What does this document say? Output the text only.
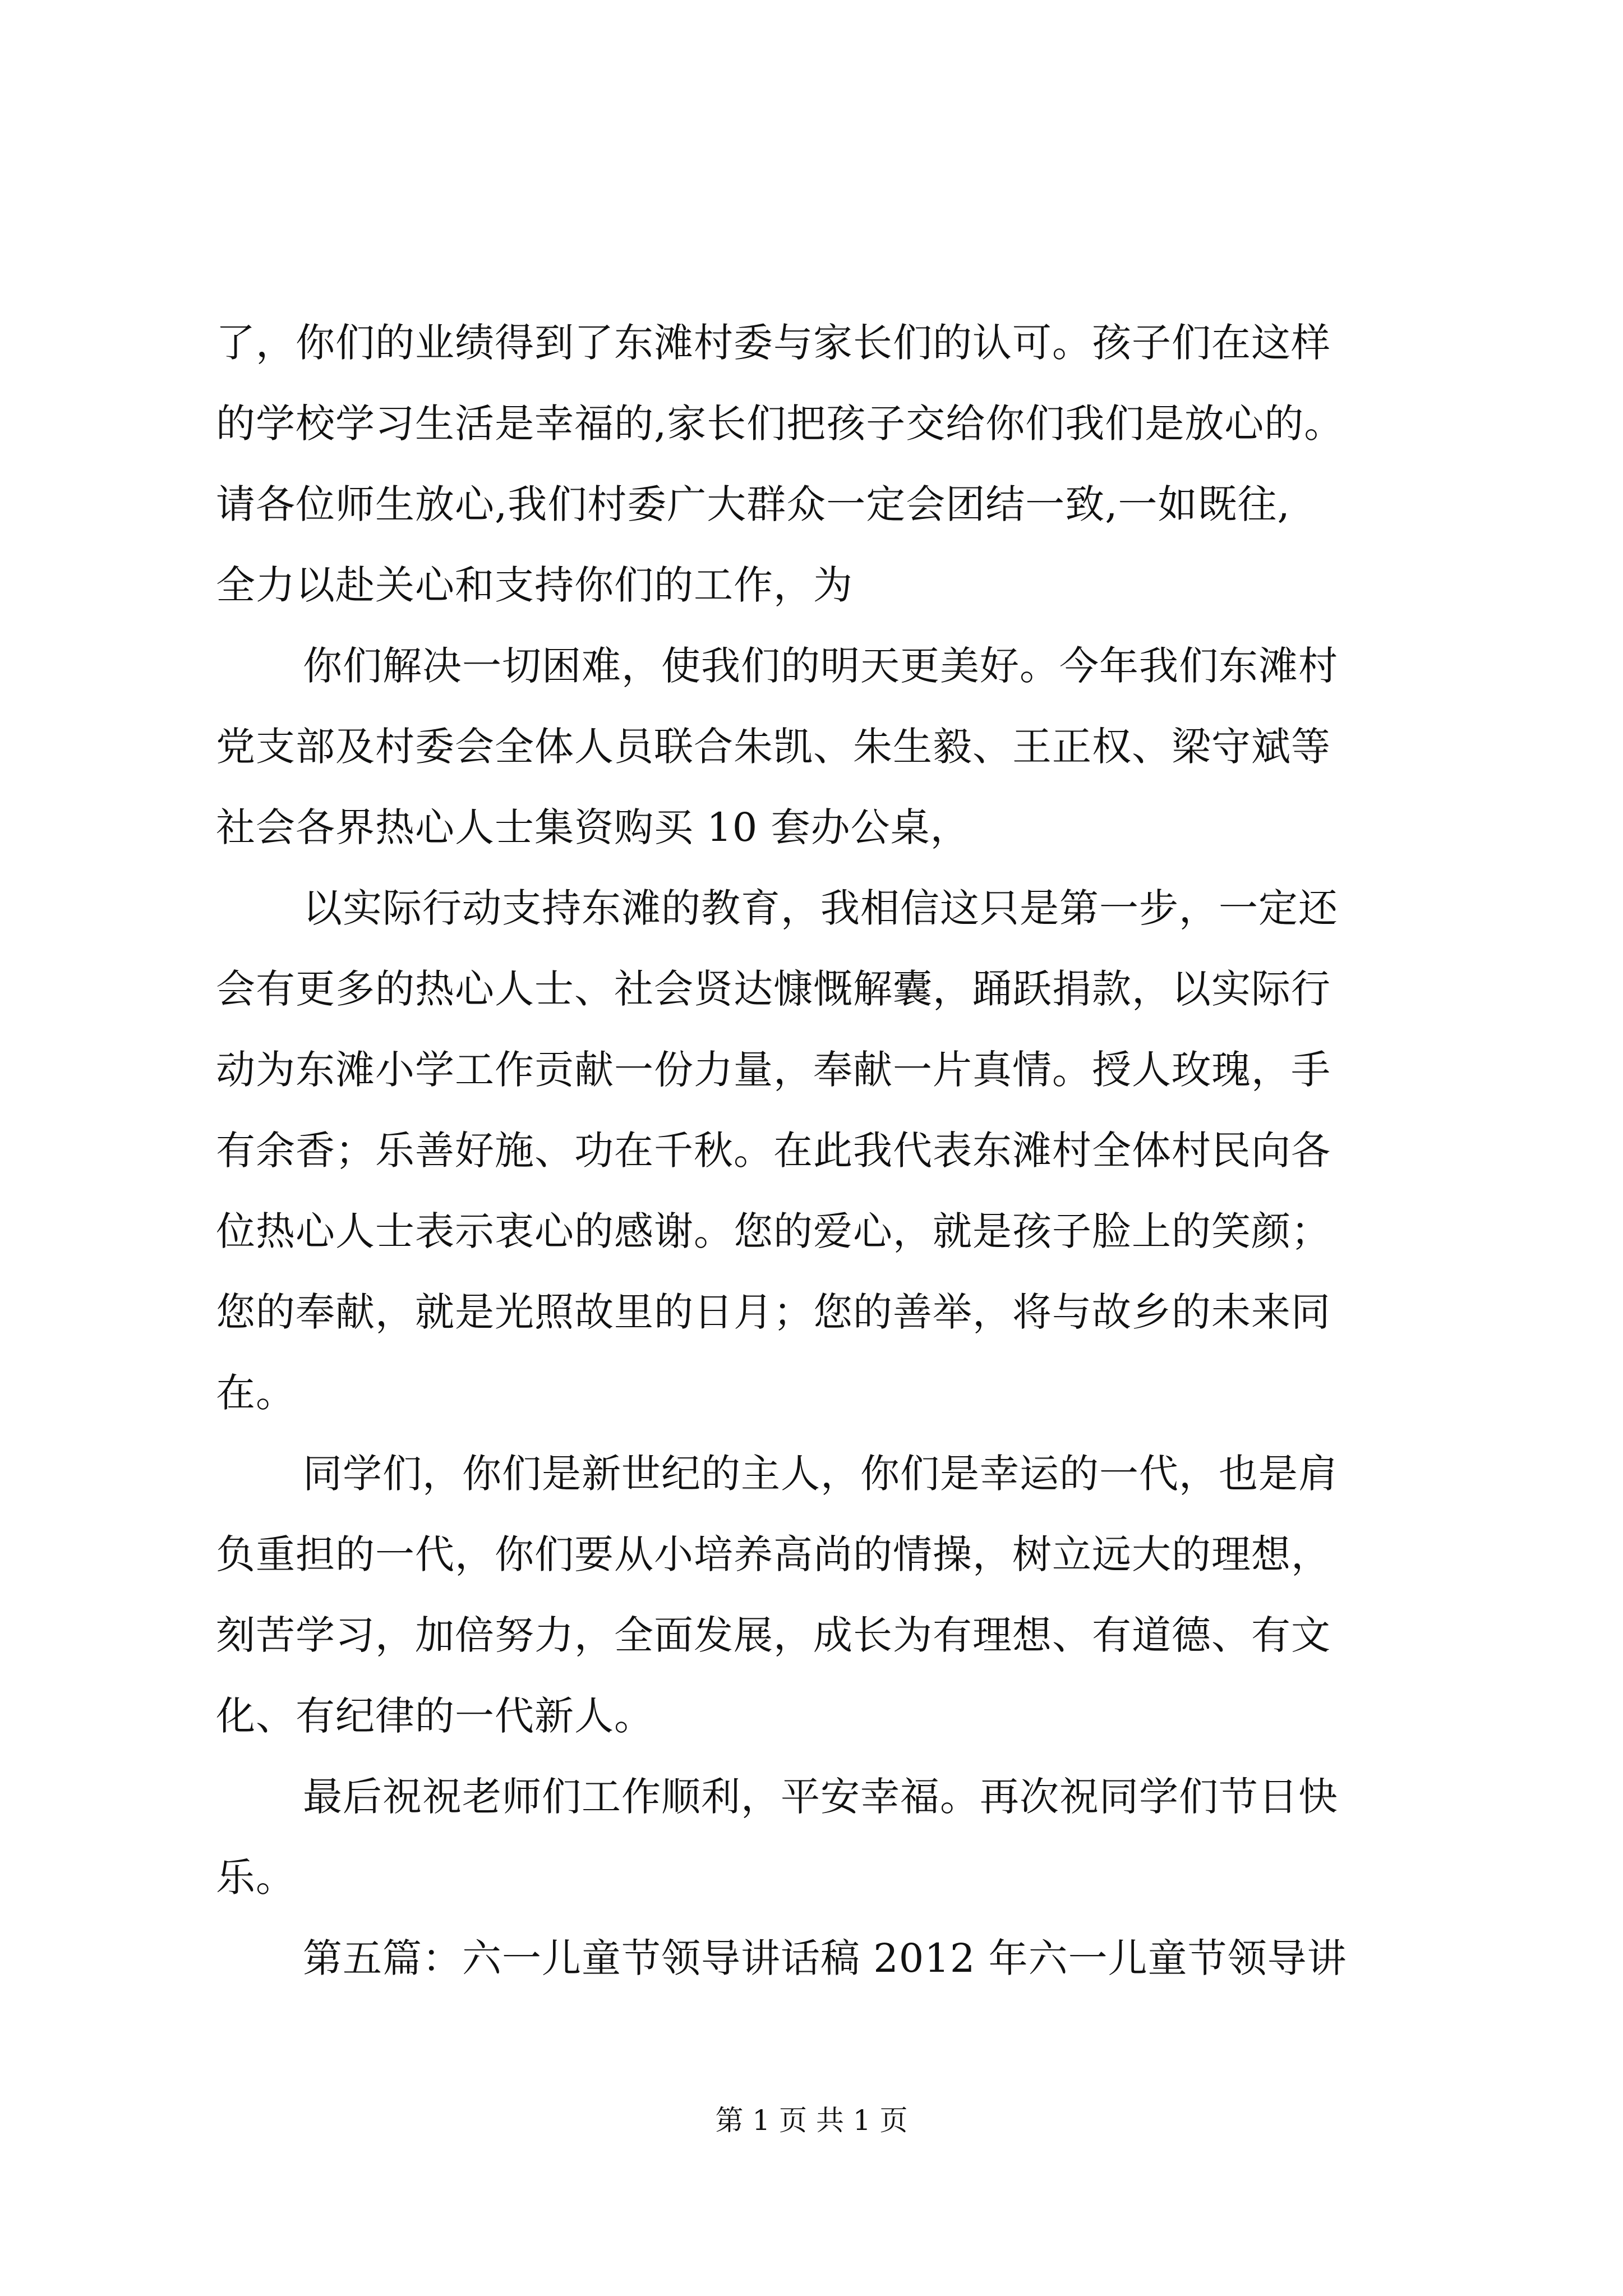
了，你们的业绩得到了东滩村委与家长们的认可。孩子们在这样
的学校学习生活是幸福的,家长们把孩子交给你们我们是放心的。
请各位师生放心,我们村委广大群众一定会团结一致,一如既往,
全力以赴关心和支持你们的工作，为
你们解决一切困难，使我们的明天更美好。今年我们东滩村
党支部及村委会全体人员联合朱凯、朱生毅、王正权、梁守斌等
社会各界热心人士集资购买 10 套办公桌，
以实际行动支持东滩的教育，我相信这只是第一步，一定还
会有更多的热心人士、社会贤达慷慨解囊，踊跃捐款，以实际行
动为东滩小学工作贡献一份力量，奉献一片真情。授人玫瑰，手
有余香；乐善好施、功在千秋。在此我代表东滩村全体村民向各
位热心人士表示衷心的感谢。您的爱心，就是孩子脸上的笑颜；
您的奉献，就是光照故里的日月；您的善举，将与故乡的未来同
在。
同学们，你们是新世纪的主人，你们是幸运的一代，也是肩
负重担的一代，你们要从小培养高尚的情操，树立远大的理想，
刻苦学习，加倍努力，全面发展，成长为有理想、有道德、有文
化、有纪律的一代新人。
最后祝祝老师们工作顺利，平安幸福。再次祝同学们节日快
乐。
第五篇：六一儿童节领导讲话稿 2012 年六一儿童节领导讲
第 1 页 共 1 页
